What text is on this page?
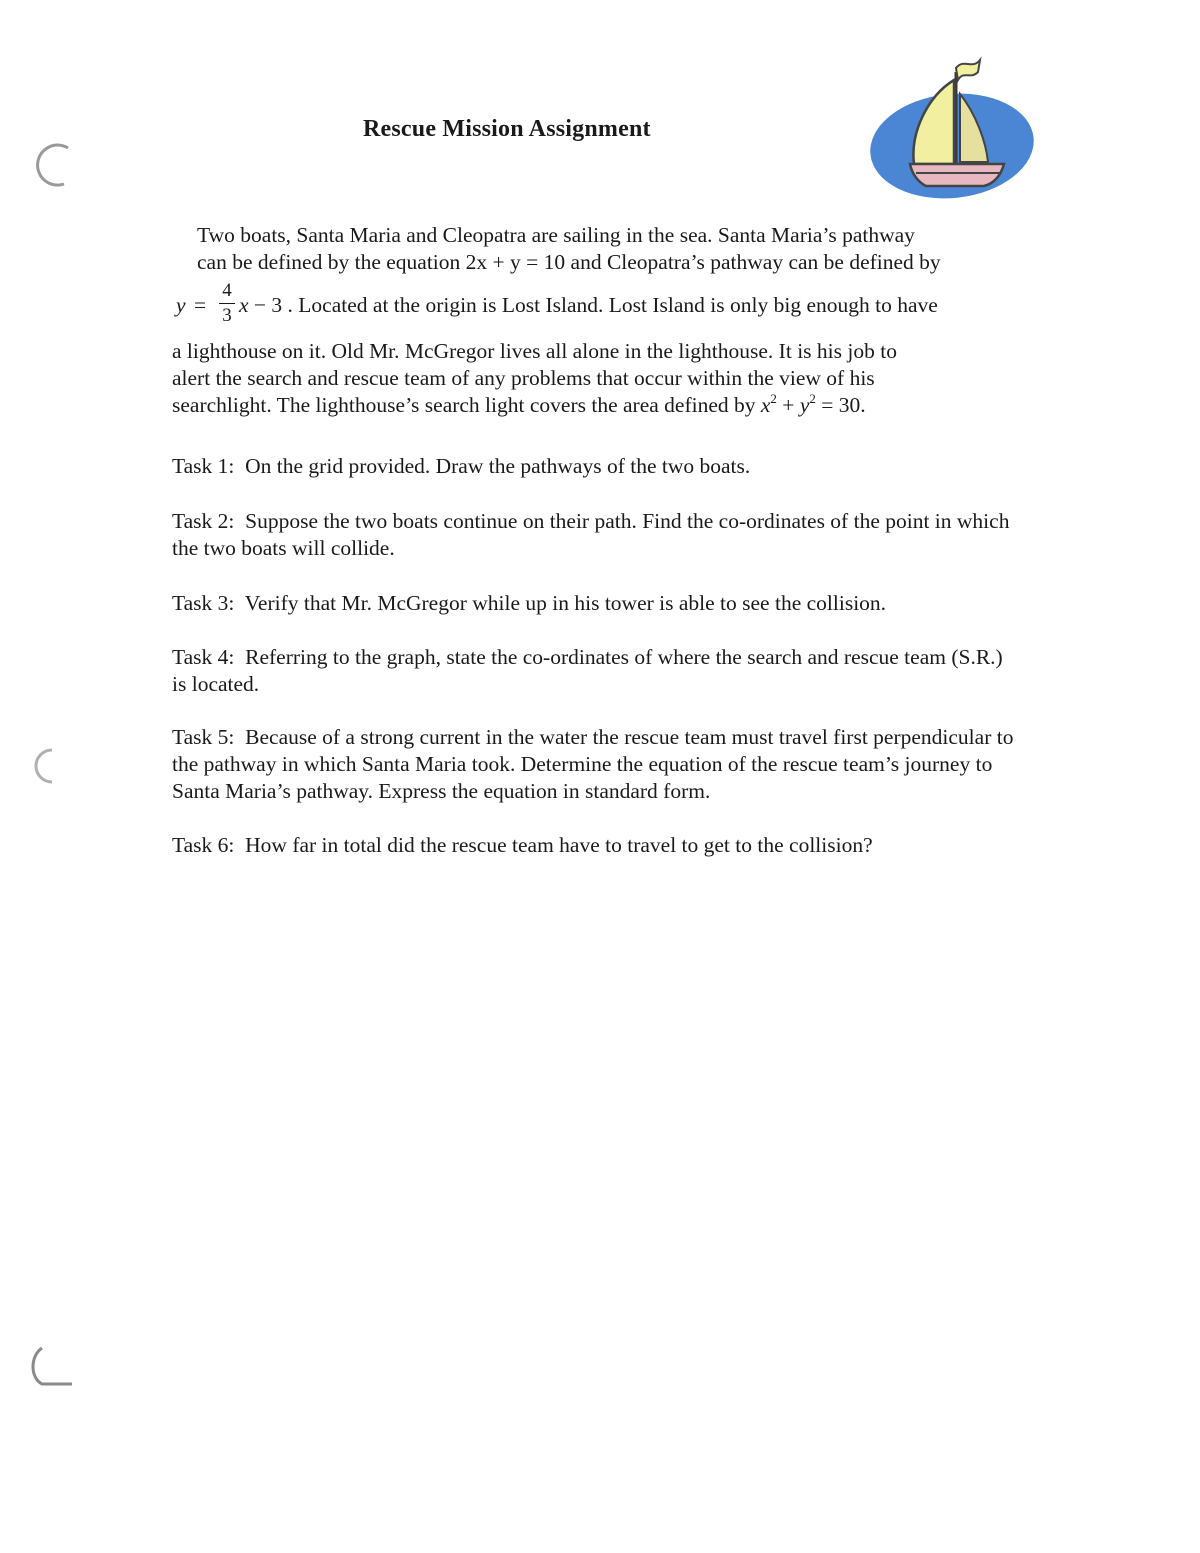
Rescue Mission Assignment
Two boats, Santa Maria and Cleopatra are sailing in the sea. Santa Maria’s pathway
can be defined by the equation 2x + y = 10 and Cleopatra’s pathway can be defined by
y =
4
3 x − 3 . Located at the origin is Lost Island. Lost Island is only big enough to have
a lighthouse on it. Old Mr. McGregor lives all alone in the lighthouse. It is his job to
alert the search and rescue team of any problems that occur within the view of his
searchlight. The lighthouse’s search light covers the area defined by $x^2 + y^2 = 30$.
Task 1:  On the grid provided. Draw the pathways of the two boats.
Task 2:  Suppose the two boats continue on their path. Find the co-ordinates of the point in which the two boats will collide.
Task 3:  Verify that Mr. McGregor while up in his tower is able to see the collision.
Task 4:  Referring to the graph, state the co-ordinates of where the search and rescue team (S.R.) is located.
Task 5:  Because of a strong current in the water the rescue team must travel first perpendicular to the pathway in which Santa Maria took. Determine the equation of the rescue team’s journey to Santa Maria’s pathway. Express the equation in standard form.
Task 6:  How far in total did the rescue team have to travel to get to the collision?
